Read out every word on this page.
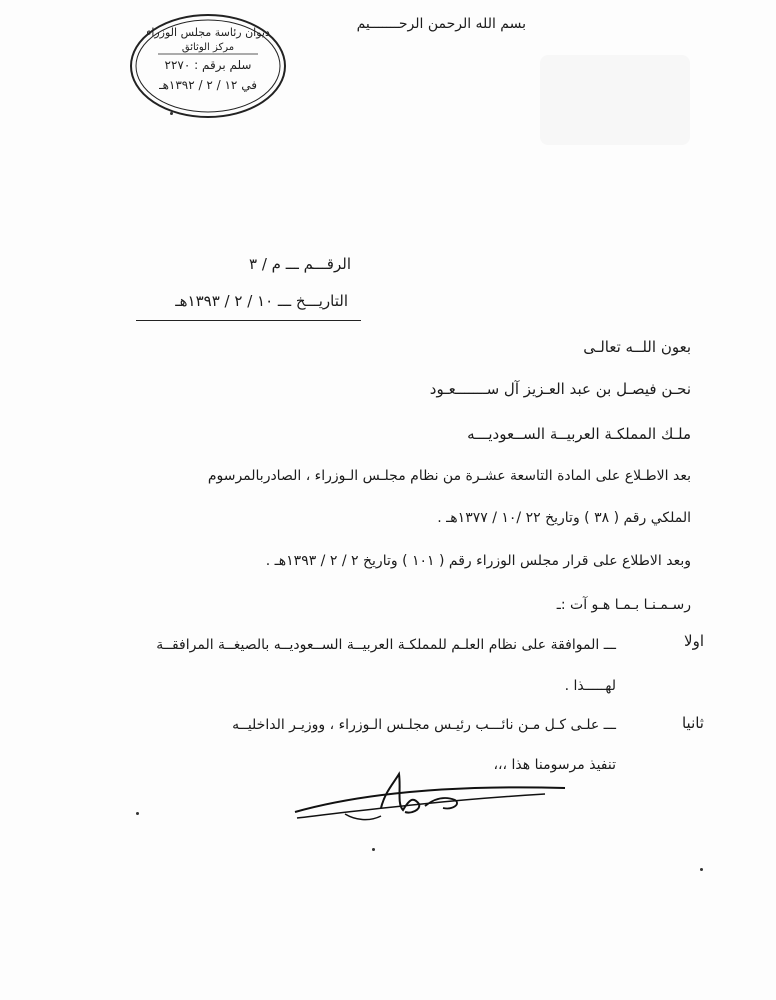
ديوان رئاسة مجلس الوزراء
مركز الوثائق
سلم برقم : ٢٢٧٠
في ١٢ / ٢ / ١٣٩٢هـ
بسم الله الرحمن الرحـــــــيم
الرقـــم ـــ م / ٣
التاريـــخ ـــ ١٠ / ٢ / ١٣٩٣هـ
بعون اللــه تعالـى
نحـن فيصـل بن عبد العـزيز آل ســـــــعـود
ملـك المملكـة العربيــة الســعوديـــه
بعد الاطـلاع على المادة التاسعة عشـرة من نظام مجلـس الـوزراء ، الصادربالمرسوم
الملكي رقم ( ٣٨ ) وتاريخ ٢٢ /١٠ / ١٣٧٧هـ .
وبعد الاطلاع على قرار مجلس الوزراء رقم ( ١٠١ ) وتاريخ ٢ / ٢ / ١٣٩٣هـ .
رسـمـنـا بـمـا هـو آت :ـ
اولا
ـــ الموافقة على نظام العلـم للمملكـة العربيــة الســعوديــه بالصيغــة المرافقــة
لهـــــذا .
ثانيا
ـــ علـى كـل مـن نائـــب رئيـس مجلـس الـوزراء ، ووزيـر الداخليــه
تنفيذ مرسومنا هذا ،،،
